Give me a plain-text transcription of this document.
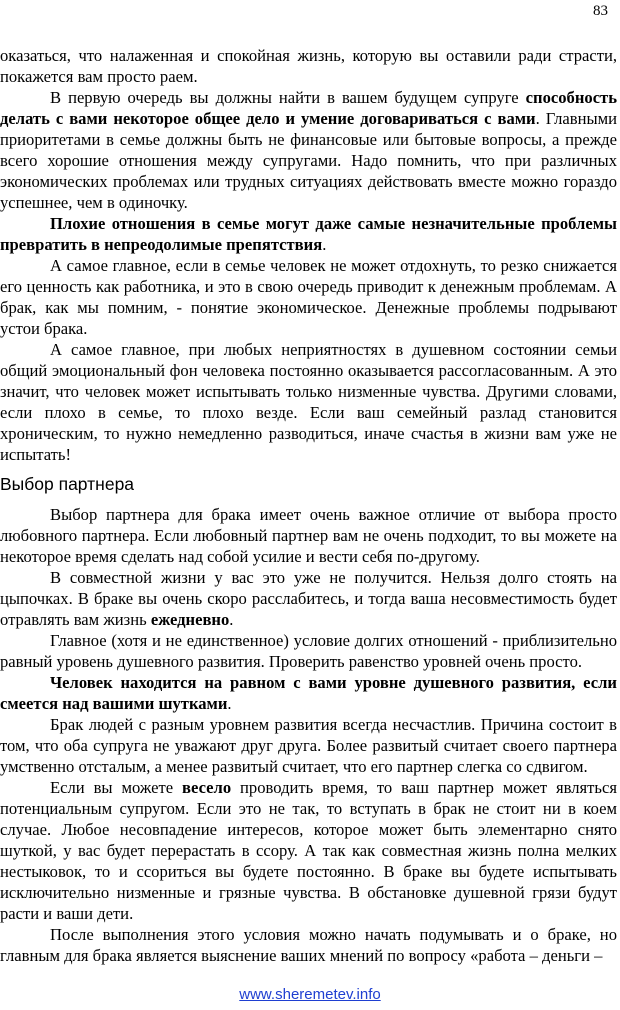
83

оказаться, что налаженная и спокойная жизнь, которую вы оставили ради страсти, покажется вам просто раем.

В первую очередь вы должны найти в вашем будущем супруге способность делать с вами некоторое общее дело и умение договариваться с вами. Главными приоритетами в семье должны быть не финансовые или бытовые вопросы, а прежде всего хорошие отношения между супругами. Надо помнить, что при различных экономических проблемах или трудных ситуациях действовать вместе можно гораздо успешнее, чем в одиночку.

Плохие отношения в семье могут даже самые незначительные проблемы превратить в непреодолимые препятствия.

А самое главное, если в семье человек не может отдохнуть, то резко снижается его ценность как работника, и это в свою очередь приводит к денежным проблемам. А брак, как мы помним, - понятие экономическое. Денежные проблемы подрывают устои брака.

А самое главное, при любых неприятностях в душевном состоянии семьи общий эмоциональный фон человека постоянно оказывается рассогласованным. А это значит, что человек может испытывать только низменные чувства. Другими словами, если плохо в семье, то плохо везде. Если ваш семейный разлад становится хроническим, то нужно немедленно разводиться, иначе счастья в жизни вам уже не испытать!

Выбор партнера

Выбор партнера для брака имеет очень важное отличие от выбора просто любовного партнера. Если любовный партнер вам не очень подходит, то вы можете на некоторое время сделать над собой усилие и вести себя по-другому.

В совместной жизни у вас это уже не получится. Нельзя долго стоять на цыпочках. В браке вы очень скоро расслабитесь, и тогда ваша несовместимость будет отравлять вам жизнь ежедневно.

Главное (хотя и не единственное) условие долгих отношений - приблизительно равный уровень душевного развития. Проверить равенство уровней очень просто.

Человек находится на равном с вами уровне душевного развития, если смеется над вашими шутками.

Брак людей с разным уровнем развития всегда несчастлив. Причина состоит в том, что оба супруга не уважают друг друга. Более развитый считает своего партнера умственно отсталым, а менее развитый считает, что его партнер слегка со сдвигом.

Если вы можете весело проводить время, то ваш партнер может являться потенциальным супругом. Если это не так, то вступать в брак не стоит ни в коем случае. Любое несовпадение интересов, которое может быть элементарно снято шуткой, у вас будет перерастать в ссору. А так как совместная жизнь полна мелких нестыковок, то и ссориться вы будете постоянно. В браке вы будете испытывать исключительно низменные и грязные чувства. В обстановке душевной грязи будут расти и ваши дети.

После выполнения этого условия можно начать подумывать и о браке, но главным для брака является выяснение ваших мнений по вопросу «работа – деньги –

www.sheremetev.info
